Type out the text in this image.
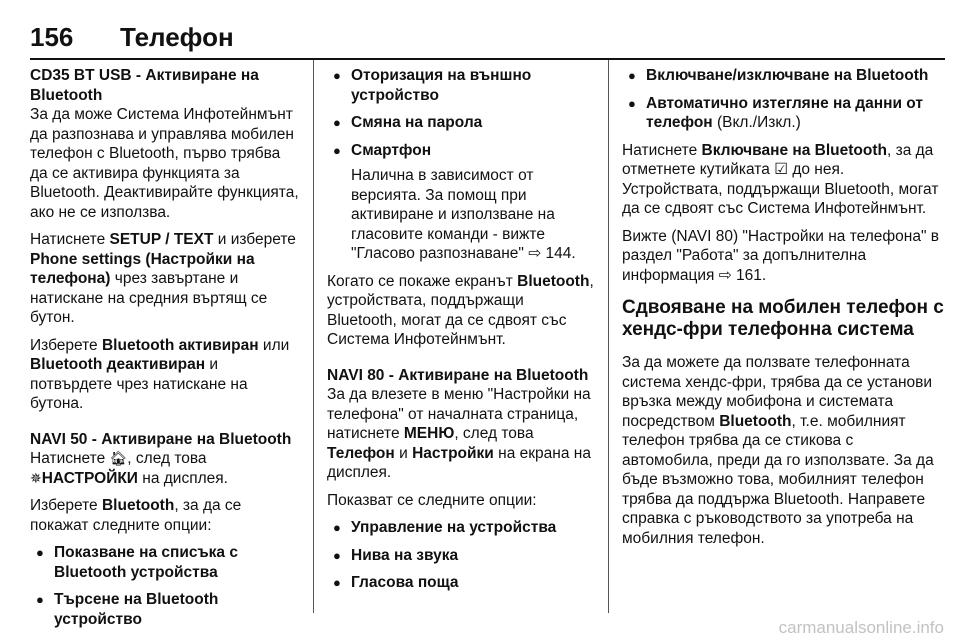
156 Телефон

CD35 BT USB - Активиране на Bluetooth

За да може Система Инфотейнмънт да разпознава и управлява мобилен телефон с Bluetooth, първо трябва да се активира функцията за Bluetooth. Деактивирайте функцията, ако не се използва.

Натиснете SETUP / TEXT и изберете Phone settings (Настройки на телефона) чрез завъртане и натискане на средния въртящ се бутон.

Изберете Bluetooth активиран или Bluetooth деактивиран и потвърдете чрез натискане на бутона.

NAVI 50 - Активиране на Bluetooth

Натиснете 🏠︎, след това
✵НАСТРОЙКИ на дисплея.

Изберете Bluetooth, за да се покажат следните опции:

● Показване на списъка с Bluetooth устройства
● Търсене на Bluetooth устройство
● Оторизация на външно устройство
● Смяна на парола
● Смартфон
Налична в зависимост от версията. За помощ при активиране и използване на гласовите команди - вижте "Гласово разпознаване" ⇨ 144.

Когато се покаже екранът Bluetooth, устройствата, поддържащи Bluetooth, могат да се сдвоят със Система Инфотейнмънт.

NAVI 80 - Активиране на Bluetooth

За да влезете в меню "Настройки на телефона" от началната страница, натиснете МЕНЮ, след това Телефон и Настройки на екрана на дисплея.

Показват се следните опции:

● Управление на устройства
● Нива на звука
● Гласова поща
● Включване/изключване на Bluetooth
● Автоматично изтегляне на данни от телефон (Вкл./Изкл.)

Натиснете Включване на Bluetooth, за да отметнете кутийката ☑ до нея. Устройствата, поддържащи Bluetooth, могат да се сдвоят със Система Инфотейнмънт.

Вижте (NAVI 80) "Настройки на телефона" в раздел "Работа" за допълнителна информация ⇨ 161.

Сдвояване на мобилен телефон с хендс-фри телефонна система

За да можете да ползвате телефонната система хендс-фри, трябва да се установи връзка между мобифона и системата посредством Bluetooth, т.е. мобилният телефон трябва да се стикова с автомобила, преди да го използвате. За да бъде възможно това, мобилният телефон трябва да поддържа Bluetooth. Направете справка с ръководството за употреба на мобилния телефон.

carmanualsonline.info
